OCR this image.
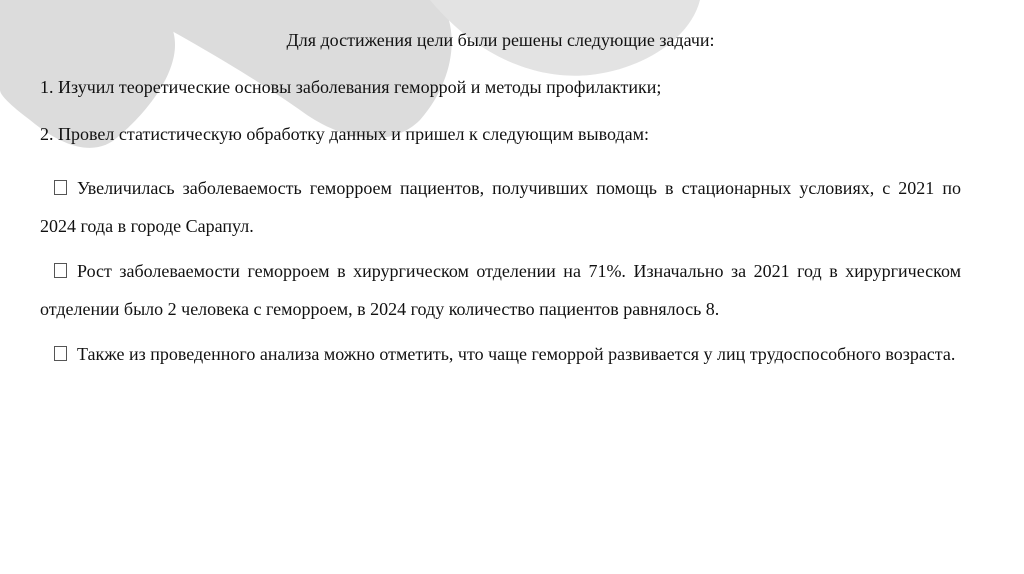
Для достижения цели были решены следующие задачи:

1. Изучил теоретические основы заболевания геморрой и методы профилактики;

2. Провел статистическую обработку данных и пришел к следующим выводам:

Увеличилась заболеваемость геморроем пациентов, получивших помощь в стационарных условиях, с 2021 по 2024 года в городе Сарапул.

Рост заболеваемости геморроем в хирургическом отделении на 71%. Изначально за 2021 год в хирургическом отделении было 2 человека с геморроем, в 2024 году количество пациентов равнялось 8.

Также из проведенного анализа можно отметить, что чаще геморрой развивается у лиц трудоспособного возраста.
